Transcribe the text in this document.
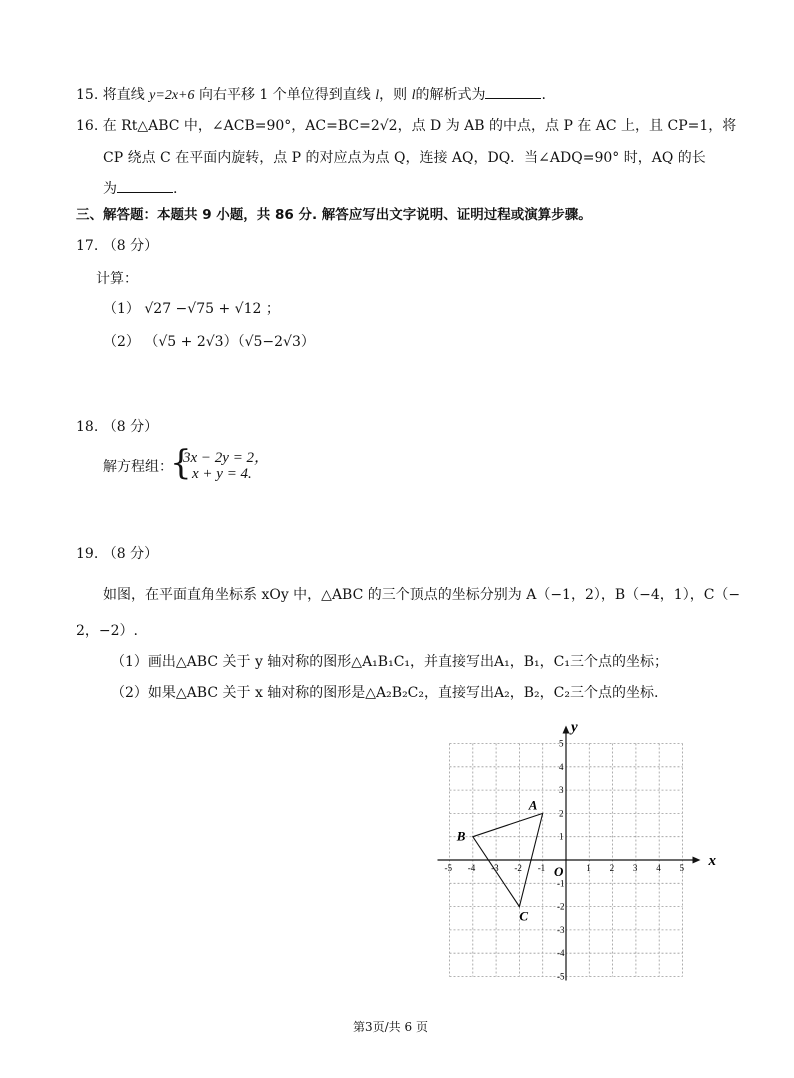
15. 将直线 y=2x+6 向右平移 1 个单位得到直线 l，则 l的解析式为	.
16. 在 Rt△ABC 中，∠ACB=90°，AC=BC=2√2，点 D 为 AB 的中点，点 P 在 AC 上，且 CP=1，将
CP 绕点 C 在平面内旋转，点 P 的对应点为点 Q，连接 AQ，DQ．当∠ADQ=90° 时，AQ 的长
为	.
三、解答题：本题共 9 小题，共 86 分. 解答应写出文字说明、证明过程或演算步骤。
17. （8 分）
计算：
（1） √27 −√75 + √12 ；
（2） （√5 + 2√3）（√5−2√3）
18. （8 分）
解方程组：
{
3x − 2y = 2，
x + y = 4.
19. （8 分）
如图，在平面直角坐标系 xOy 中，△ABC 的三个顶点的坐标分别为 A（−1，2），B（−4，1），C（−
2，−2）.
（1）画出△ABC 关于 y 轴对称的图形△A₁B₁C₁，并直接写出A₁，B₁，C₁三个点的坐标；
（2）如果△ABC 关于 x 轴对称的图形是△A₂B₂C₂，直接写出A₂，B₂，C₂三个点的坐标.
x
y
O
-5 -4 -3 -2 -1	1 2 3 4 5
5
4
3
2
1
-1
-2
-3
-4
-5
A
B
C
第3页/共 6 页
